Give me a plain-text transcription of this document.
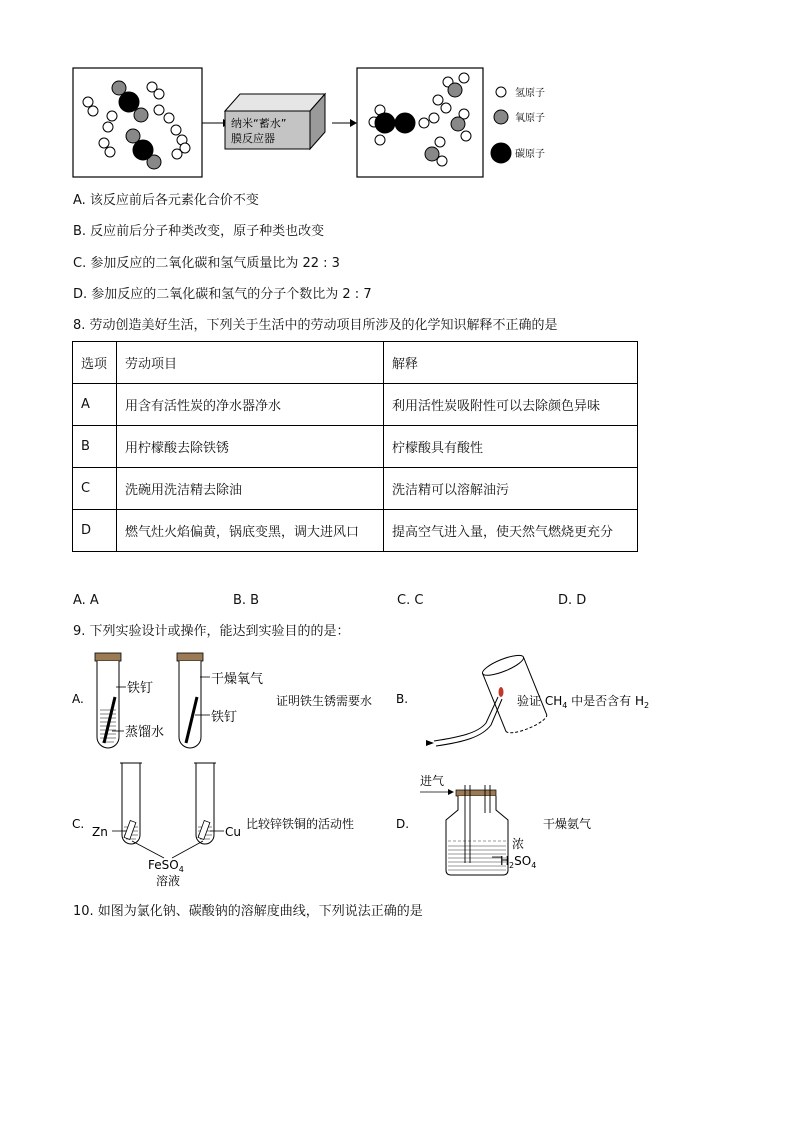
纳米“蓄水”
膜反应器
氢原子
氧原子
碳原子
A. 该反应前后各元素化合价不变
B. 反应前后分子种类改变，原子种类也改变
C. 参加反应的二氧化碳和氢气质量比为 22 : 3
D. 参加反应的二氧化碳和氢气的分子个数比为 2 : 7
8. 劳动创造美好生活，下列关于生活中的劳动项目所涉及的化学知识解释不正确的是
选项	劳动项目	解释
A	用含有活性炭的净水器净水	利用活性炭吸附性可以去除颜色异味
B	用柠檬酸去除铁锈	柠檬酸具有酸性
C	洗碗用洗洁精去除油	洗洁精可以溶解油污
D	燃气灶火焰偏黄，锅底变黑，调大进风口	提高空气进入量，使天然气燃烧更充分
A. A	B. B	C. C	D. D
9. 下列实验设计或操作，能达到实验目的的是：
A.
铁钉
蒸馏水
干燥氧气
铁钉
证明铁生锈需要水 B.	验证 $CH_4$ 中是否含有 $H_2$
C.
Zn	Cu
FeSO$_4$
溶液
比较锌铁铜的活动性	D.
进气
浓
$H_2SO_4$
干燥氨气
10. 如图为氯化钠、碳酸钠的溶解度曲线，下列说法正确的是
